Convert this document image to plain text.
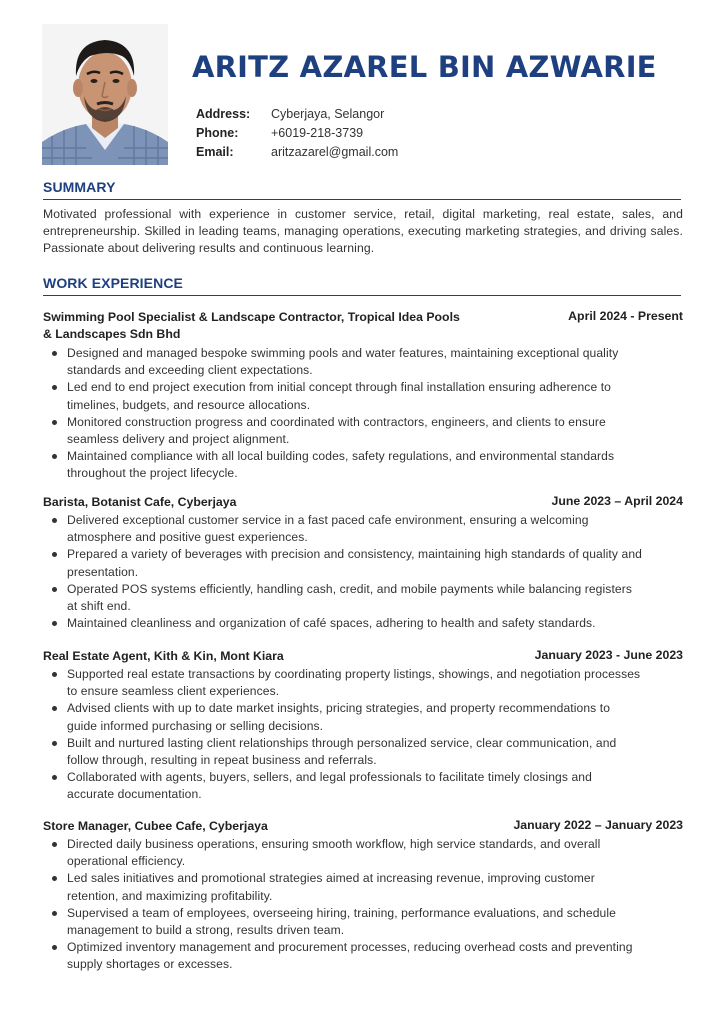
ARITZ AZAREL BIN AZWARIE
Address: Cyberjaya, Selangor
Phone:	+6019-218-3739
Email:	aritzazarel@gmail.com
SUMMARY
Motivated professional with experience in customer service, retail, digital marketing, real estate, sales, and entrepreneurship. Skilled in leading teams, managing operations, executing marketing strategies, and driving sales. Passionate about delivering results and continuous learning.
WORK EXPERIENCE
Swimming Pool Specialist & Landscape Contractor, Tropical Idea Pools & Landscapes Sdn Bhd
April 2024 - Present
Designed and managed bespoke swimming pools and water features, maintaining exceptional quality standards and exceeding client expectations.
Led end to end project execution from initial concept through final installation ensuring adherence to timelines, budgets, and resource allocations.
Monitored construction progress and coordinated with contractors, engineers, and clients to ensure seamless delivery and project alignment.
Maintained compliance with all local building codes, safety regulations, and environmental standards throughout the project lifecycle.
Barista, Botanist Cafe, Cyberjaya	June 2023 – April 2024
Delivered exceptional customer service in a fast paced cafe environment, ensuring a welcoming atmosphere and positive guest experiences.
Prepared a variety of beverages with precision and consistency, maintaining high standards of quality and presentation.
Operated POS systems efficiently, handling cash, credit, and mobile payments while balancing registers at shift end.
Maintained cleanliness and organization of café spaces, adhering to health and safety standards.
Real Estate Agent, Kith & Kin, Mont Kiara	January 2023 - June 2023
Supported real estate transactions by coordinating property listings, showings, and negotiation processes to ensure seamless client experiences.
Advised clients with up to date market insights, pricing strategies, and property recommendations to guide informed purchasing or selling decisions.
Built and nurtured lasting client relationships through personalized service, clear communication, and follow through, resulting in repeat business and referrals.
Collaborated with agents, buyers, sellers, and legal professionals to facilitate timely closings and accurate documentation.
Store Manager, Cubee Cafe, Cyberjaya	January 2022 – January 2023
Directed daily business operations, ensuring smooth workflow, high service standards, and overall operational efficiency.
Led sales initiatives and promotional strategies aimed at increasing revenue, improving customer retention, and maximizing profitability.
Supervised a team of employees, overseeing hiring, training, performance evaluations, and schedule management to build a strong, results driven team.
Optimized inventory management and procurement processes, reducing overhead costs and preventing supply shortages or excesses.
